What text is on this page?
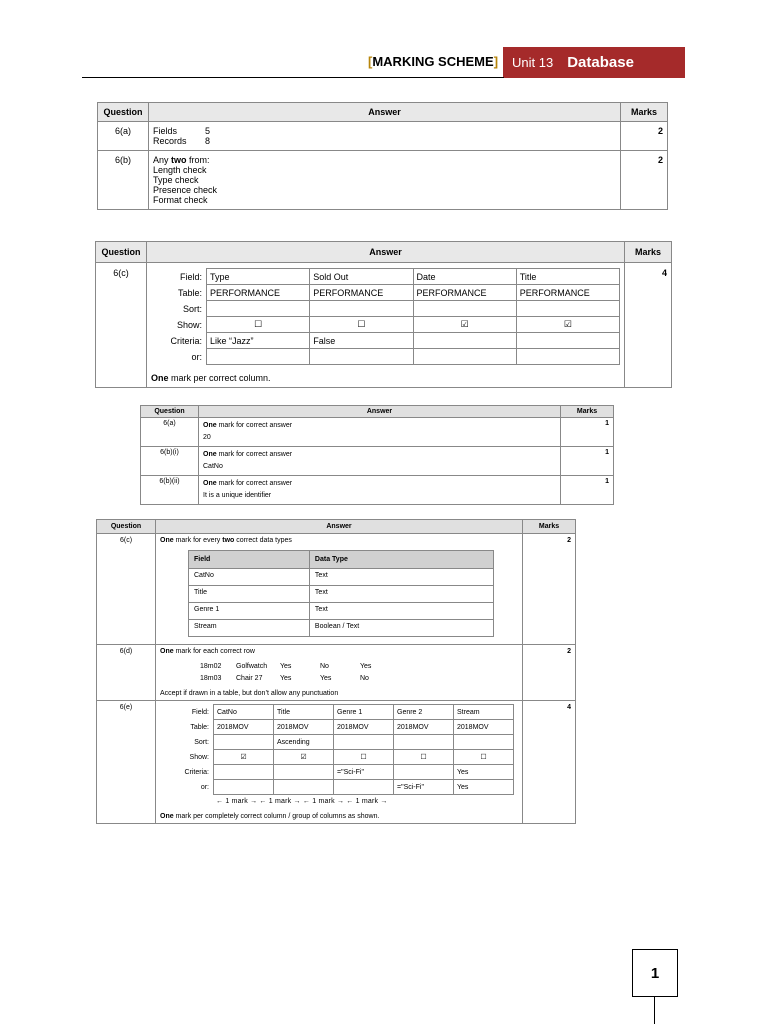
[MARKING SCHEME] Unit 13 Database
Question	Answer	Marks
6(a)	Fields 5
Records 8	2
6(b)	Any two from:
Length check
Type check
Presence check
Format check	2
Question	Answer	Marks
6(c)		Field:	Type	Sold Out	Date	Title
Table:	PERFORMANCE	PERFORMANCE	PERFORMANCE	PERFORMANCE
Sort:				
Show:	☐	☐	☑	☑
Criteria:	Like “Jazz”	False		
or:				
One mark per correct column.
	4
Question	Answer	Marks
6(a)	One mark for correct answer
20	1
6(b)(i)	One mark for correct answer
CatNo	1
6(b)(ii)	One mark for correct answer
It is a unique identifier	1
Question	Answer	Marks
6(c)	One mark for every two correct data types
Field	Data Type
CatNo	Text
Title	Text
Genre 1	Text
Stream	Boolean / Text
	2
6(d)	One mark for each correct row
18m02	Golfwatch	Yes	No	Yes
18m03	Chair 27	Yes	Yes	No
Accept if drawn in a table, but don’t allow any punctuation
	2
6(e)	
Field:	CatNo	Title	Genre 1	Genre 2	Stream
Table:	2018MOV	2018MOV	2018MOV	2018MOV	2018MOV
Sort:		Ascending			
Show:	☑	☑	☐	☐	☐
Criteria:			="Sci-Fi"		Yes
or:				="Sci-Fi"	Yes
← 1 mark → ← 1 mark → ← 1 mark → ← 1 mark →
One mark per completely correct column / group of columns as shown.
	4
1
